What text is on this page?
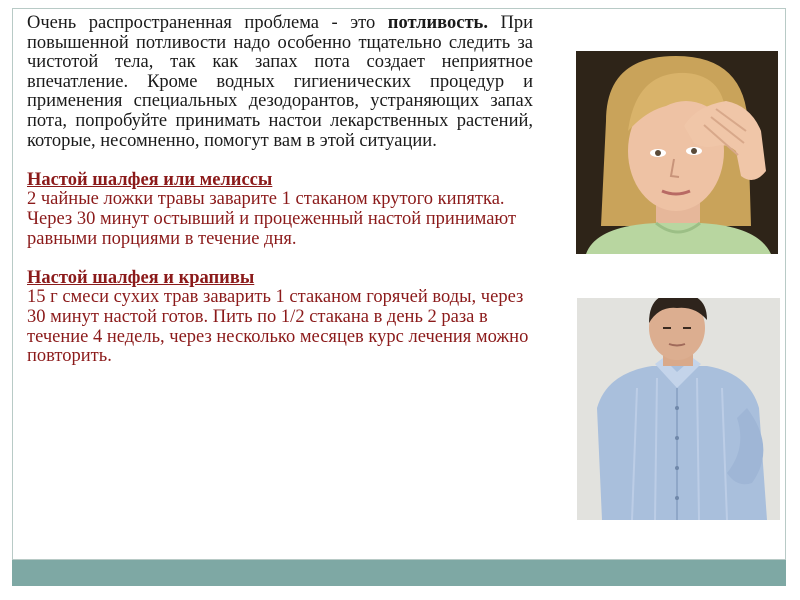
Очень распространенная проблема - это потливость. При повышенной потливости надо особенно тщательно следить за чистотой тела, так как запах пота создает неприятное впечатление. Кроме водных гигиенических процедур и применения специальных дезодорантов, устраняющих запах пота, попробуйте принимать настои лекарственных растений, которые, несомненно, помогут вам в этой ситуации.

Настой шалфея или мелиссы

2 чайные ложки травы заварите 1 стаканом крутого кипятка. Через 30 минут остывший и процеженный настой принимают равными порциями в течение дня.

Настой шалфея и крапивы

15 г смеси сухих трав заварить 1 стаканом горячей воды, через 30 минут настой готов. Пить по 1/2 стакана в день 2 раза в течение 4 недель, через несколько месяцев курс лечения можно повторить.
